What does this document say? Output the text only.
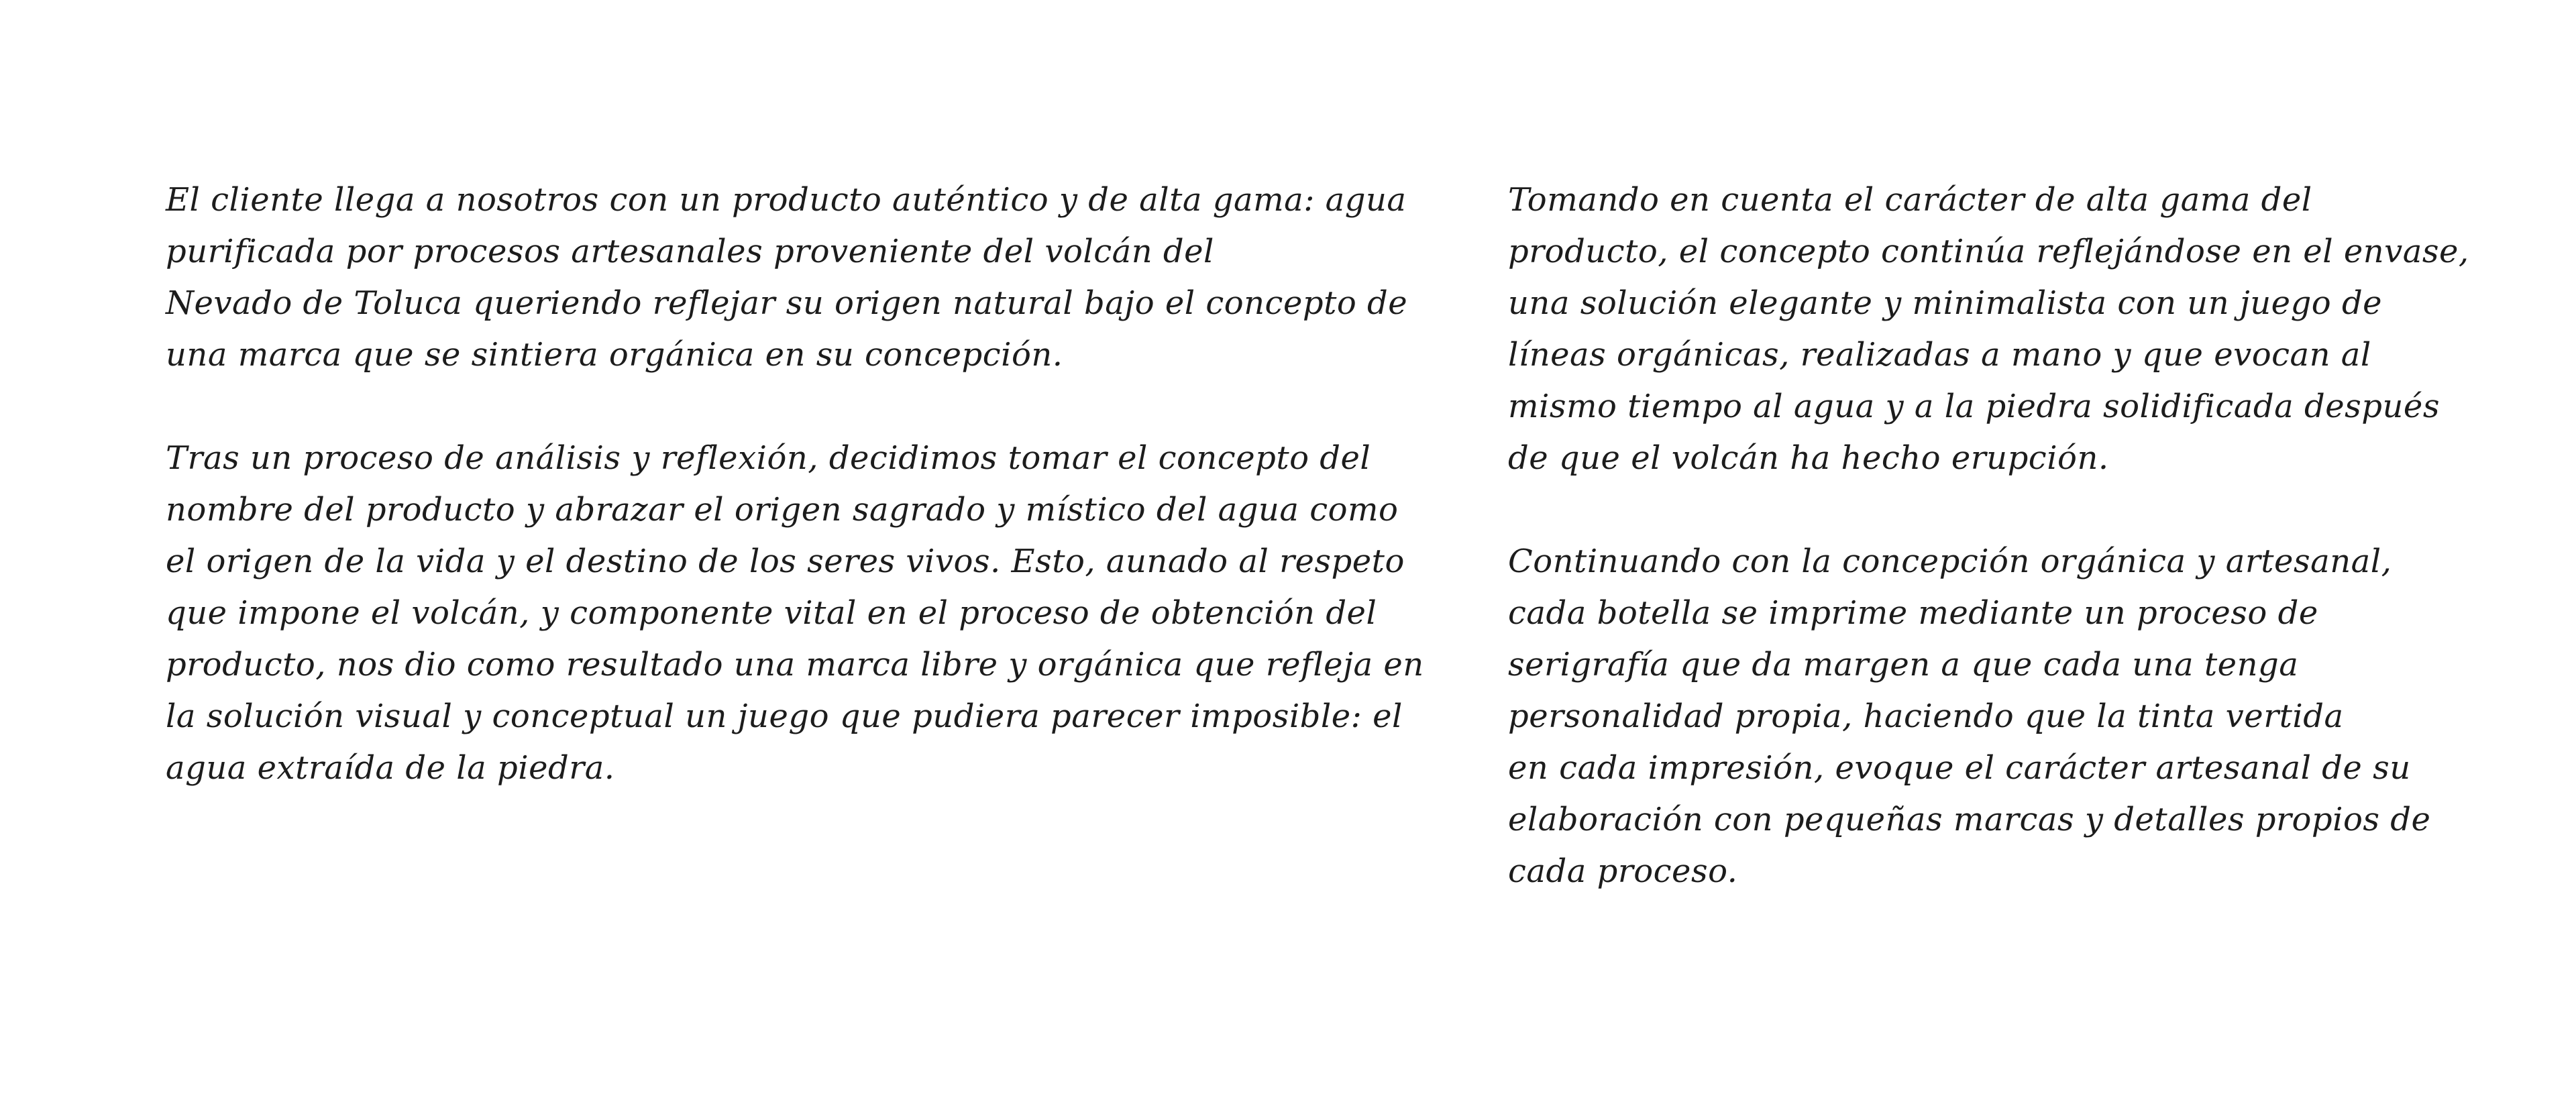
El cliente llega a nosotros con un producto auténtico y de alta gama: agua
purificada por procesos artesanales proveniente del volcán del
Nevado de Toluca queriendo reflejar su origen natural bajo el concepto de
una marca que se sintiera orgánica en su concepción.

Tras un proceso de análisis y reflexión, decidimos tomar el concepto del
nombre del producto y abrazar el origen sagrado y místico del agua como
el origen de la vida y el destino de los seres vivos. Esto, aunado al respeto
que impone el volcán, y componente vital en el proceso de obtención del
producto, nos dio como resultado una marca libre y orgánica que refleja en
la solución visual y conceptual un juego que pudiera parecer imposible: el
agua extraída de la piedra.

Tomando en cuenta el carácter de alta gama del
producto, el concepto continúa reflejándose en el envase,
una solución elegante y minimalista con un juego de
líneas orgánicas, realizadas a mano y que evocan al
mismo tiempo al agua y a la piedra solidificada después
de que el volcán ha hecho erupción.

Continuando con la concepción orgánica y artesanal,
cada botella se imprime mediante un proceso de
serigrafía que da margen a que cada una tenga
personalidad propia, haciendo que la tinta vertida
en cada impresión, evoque el carácter artesanal de su
elaboración con pequeñas marcas y detalles propios de
cada proceso.
